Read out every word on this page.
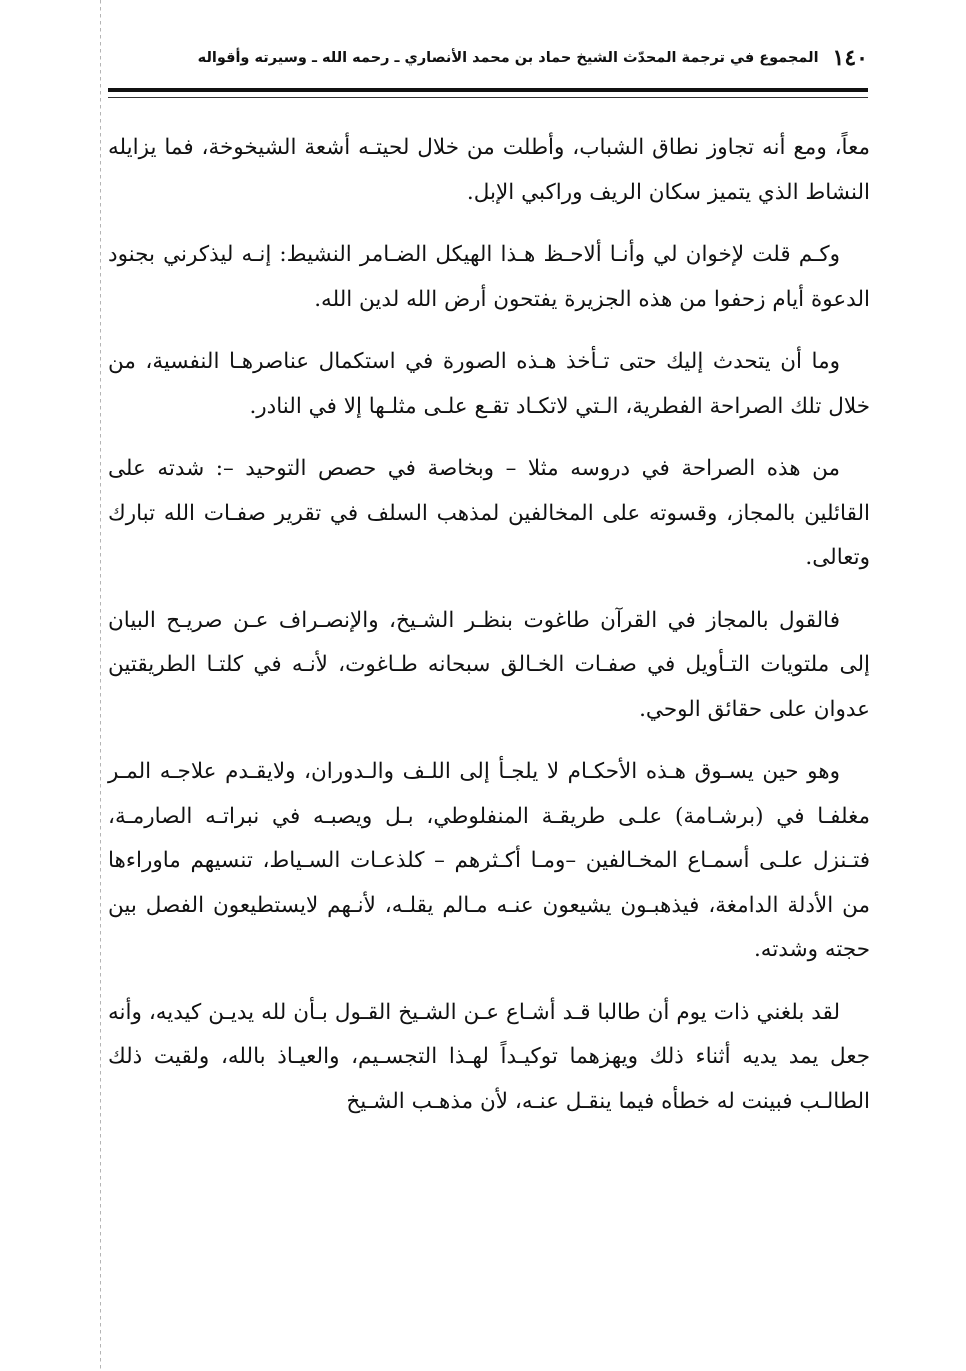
١٤٠
المجموع في ترجمة المحدّث الشيخ حماد بن محمد الأنصاري ـ رحمه الله ـ وسيرته وأقواله

معاً، ومع أنه تجاوز نطاق الشباب، وأطلت من خلال لحيتـه أشعة الشيخوخة، فما يزايله النشاط الذي يتميز سكان الريف وراكبي الإبل.

وكـم قلت لإخوان لي وأنـا ألاحـظ هـذا الهيكل الضـامر النشيط: إنـه ليذكرني بجنود الدعوة أيام زحفوا من هذه الجزيرة يفتحون أرض الله لدين الله.

وما أن يتحدث إليك حتى تـأخذ هـذه الصورة في استكمال عناصرهـا النفسية، من خلال تلك الصراحة الفطرية، الـتي لاتكـاد تقـع علـى مثلـها إلا في النادر.

من هذه الصراحة في دروسه مثلا – وبخاصة في حصص التوحيد –: شدته على القائلين بالمجاز، وقسوته على المخالفين لمذهب السلف في تقرير صفـات الله تبارك وتعالى.

فالقول بالمجاز في القرآن طاغوت بنظـر الشـيخ، والإنصـراف عـن صريـح البيان إلى ملتويات التـأويل في صفـات الخـالق سبحانه طـاغوت، لأنـه في كلتـا الطريقتين عدوان على حقائق الوحي.

وهو حين يسـوق هـذه الأحكـام لا يلجـأ إلى اللـف والـدوران، ولايقـدم علاجـه المـر مغلفـا في (برشـامة) علـى طريقـة المنفلوطي، بـل ويصبـه في نبراتـه الصارمـة، فتـنزل علـى أسمـاع المخـالفين –ومـا أكـثرهم – كلذعـات السـياط، تنسيهم ماوراءها من الأدلة الدامغة، فيذهبـون يشيعون عنـه مـالم يقلـه، لأنـهم لايستطيعون الفصل بين حجته وشدته.

لقد بلغني ذات يوم أن طالبا قـد أشـاع عـن الشـيخ القـول بـأن لله يديـن كيديه، وأنه جعل يمد يديه أثناء ذلك ويهزهما توكيـداً لهـذا التجسـيم، والعيـاذ بالله، ولقيت ذلك الطالـب فبينت له خطأه فيما ينقـل عنـه، لأن مذهـب الشـيخ
